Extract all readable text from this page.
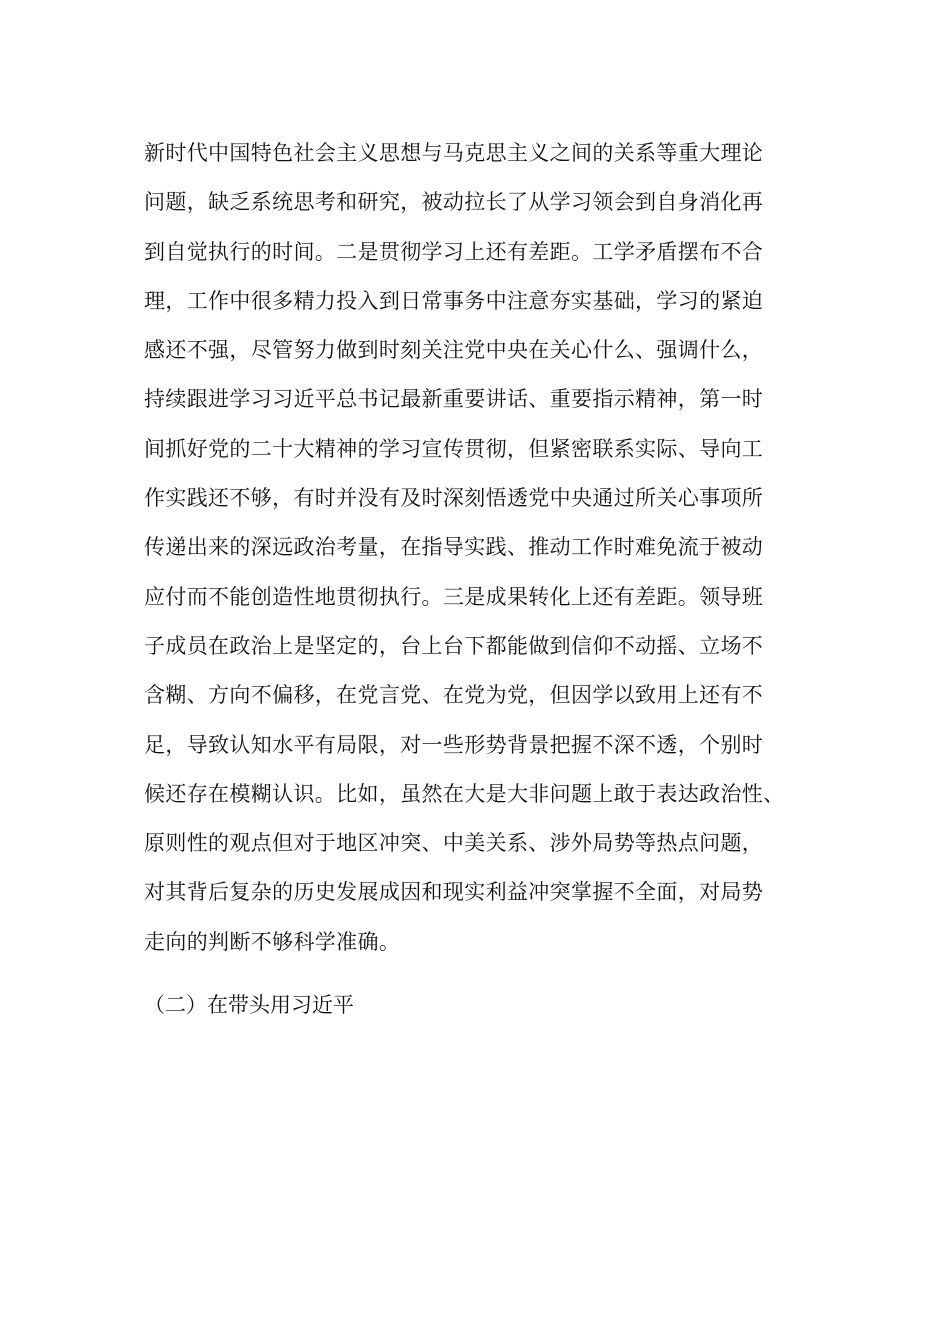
新时代中国特色社会主义思想与马克思主义之间的关系等重大理论
问题，缺乏系统思考和研究，被动拉长了从学习领会到自身消化再
到自觉执行的时间。二是贯彻学习上还有差距。工学矛盾摆布不合
理，工作中很多精力投入到日常事务中注意夯实基础，学习的紧迫
感还不强，尽管努力做到时刻关注党中央在关心什么、强调什么，
持续跟进学习习近平总书记最新重要讲话、重要指示精神，第一时
间抓好党的二十大精神的学习宣传贯彻，但紧密联系实际、导向工
作实践还不够，有时并没有及时深刻悟透党中央通过所关心事项所
传递出来的深远政治考量，在指导实践、推动工作时难免流于被动
应付而不能创造性地贯彻执行。三是成果转化上还有差距。领导班
子成员在政治上是坚定的，台上台下都能做到信仰不动摇、立场不
含糊、方向不偏移，在党言党、在党为党，但因学以致用上还有不
足，导致认知水平有局限，对一些形势背景把握不深不透，个别时
候还存在模糊认识。比如，虽然在大是大非问题上敢于表达政治性、
原则性的观点但对于地区冲突、中美关系、涉外局势等热点问题，
对其背后复杂的历史发展成因和现实利益冲突掌握不全面，对局势
走向的判断不够科学准确。
（二）在带头用习近平
